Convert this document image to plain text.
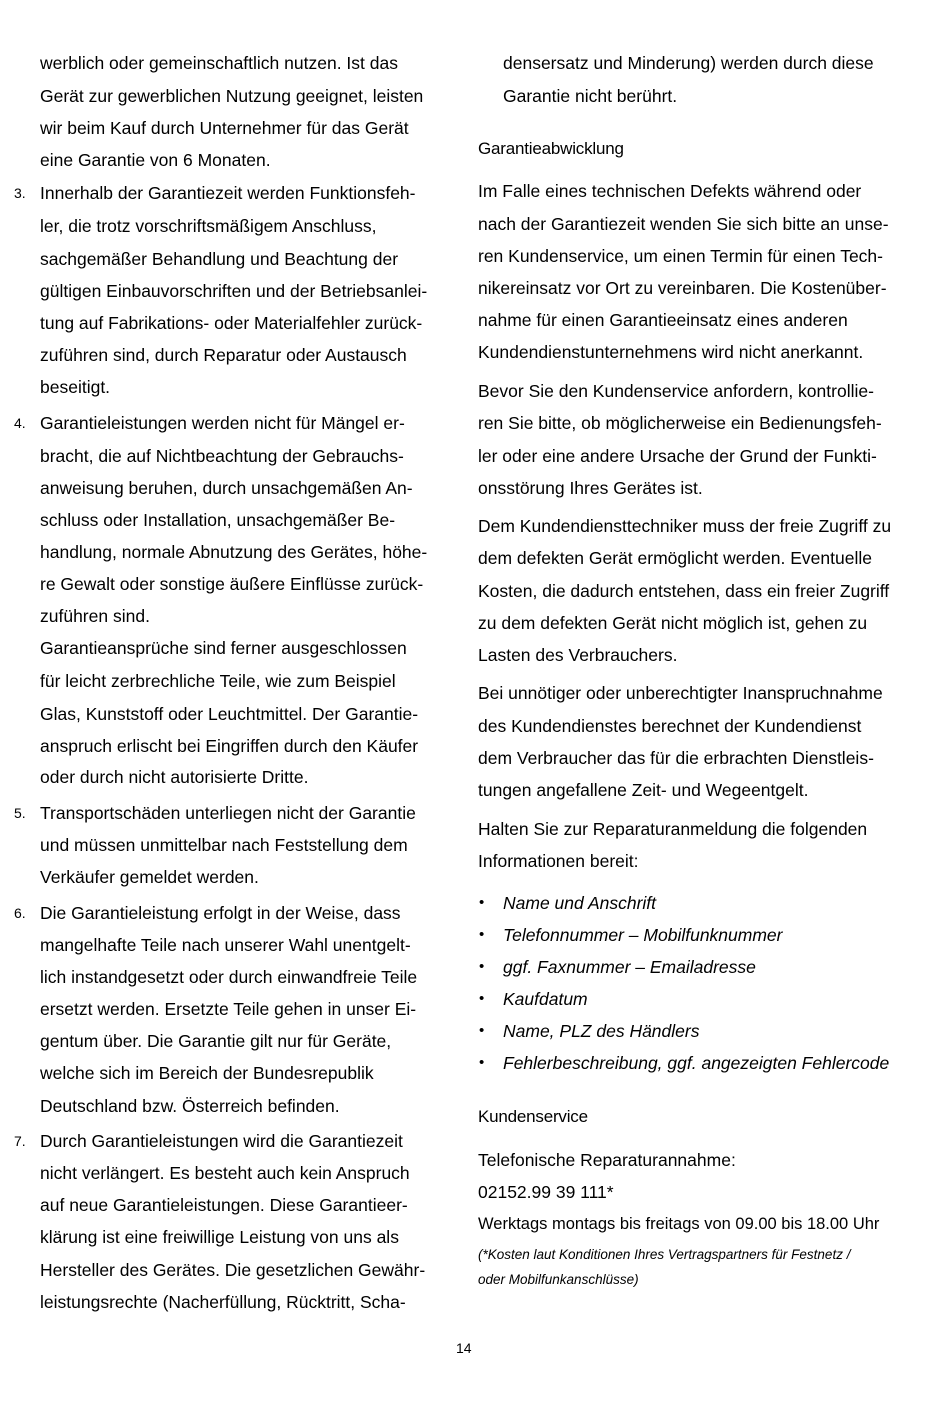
werblich oder gemeinschaftlich nutzen. Ist das
Gerät zur gewerblichen Nutzung geeignet, leisten
wir beim Kauf durch Unternehmer für das Gerät
eine Garantie von 6 Monaten.
3. Innerhalb der Garantiezeit werden Funktionsfeh-
ler, die trotz vorschriftsmäßigem Anschluss,
sachgemäßer Behandlung und Beachtung der
gültigen Einbauvorschriften und der Betriebsanlei-
tung auf Fabrikations- oder Materialfehler zurück-
zuführen sind, durch Reparatur oder Austausch
beseitigt.
4. Garantieleistungen werden nicht für Mängel er-
bracht, die auf Nichtbeachtung der Gebrauchs-
anweisung beruhen, durch unsachgemäßen An-
schluss oder Installation, unsachgemäßer Be-
handlung, normale Abnutzung des Gerätes, höhe-
re Gewalt oder sonstige äußere Einflüsse zurück-
zuführen sind.
Garantieansprüche sind ferner ausgeschlossen
für leicht zerbrechliche Teile, wie zum Beispiel
Glas, Kunststoff oder Leuchtmittel. Der Garantie-
anspruch erlischt bei Eingriffen durch den Käufer
oder durch nicht autorisierte Dritte.
5. Transportschäden unterliegen nicht der Garantie
und müssen unmittelbar nach Feststellung dem
Verkäufer gemeldet werden.
6. Die Garantieleistung erfolgt in der Weise, dass
mangelhafte Teile nach unserer Wahl unentgelt-
lich instandgesetzt oder durch einwandfreie Teile
ersetzt werden. Ersetzte Teile gehen in unser Ei-
gentum über. Die Garantie gilt nur für Geräte,
welche sich im Bereich der Bundesrepublik
Deutschland bzw. Österreich befinden.
7. Durch Garantieleistungen wird die Garantiezeit
nicht verlängert. Es besteht auch kein Anspruch
auf neue Garantieleistungen. Diese Garantieer-
klärung ist eine freiwillige Leistung von uns als
Hersteller des Gerätes. Die gesetzlichen Gewähr-
leistungsrechte (Nacherfüllung, Rücktritt, Scha-
densersatz und Minderung) werden durch diese
Garantie nicht berührt.
Garantieabwicklung
Im Falle eines technischen Defekts während oder
nach der Garantiezeit wenden Sie sich bitte an unse-
ren Kundenservice, um einen Termin für einen Tech-
nikereinsatz vor Ort zu vereinbaren. Die Kostenüber-
nahme für einen Garantieeinsatz eines anderen
Kundendienstunternehmens wird nicht anerkannt.
Bevor Sie den Kundenservice anfordern, kontrollie-
ren Sie bitte, ob möglicherweise ein Bedienungsfeh-
ler oder eine andere Ursache der Grund der Funkti-
onsstörung Ihres Gerätes ist.
Dem Kundendiensttechniker muss der freie Zugriff zu
dem defekten Gerät ermöglicht werden. Eventuelle
Kosten, die dadurch entstehen, dass ein freier Zugriff
zu dem defekten Gerät nicht möglich ist, gehen zu
Lasten des Verbrauchers.
Bei unnötiger oder unberechtigter Inanspruchnahme
des Kundendienstes berechnet der Kundendienst
dem Verbraucher das für die erbrachten Dienstleis-
tungen angefallene Zeit- und Wegeentgelt.
Halten Sie zur Reparaturanmeldung die folgenden
Informationen bereit:
• Name und Anschrift
• Telefonnummer – Mobilfunknummer
• ggf. Faxnummer – Emailadresse
• Kaufdatum
• Name, PLZ des Händlers
• Fehlerbeschreibung, ggf. angezeigten Fehlercode
Kundenservice
Telefonische Reparaturannahme:
02152.99 39 111*
Werktags montags bis freitags von 09.00 bis 18.00 Uhr
(*Kosten laut Konditionen Ihres Vertragspartners für Festnetz /
oder Mobilfunkanschlüsse)
14
